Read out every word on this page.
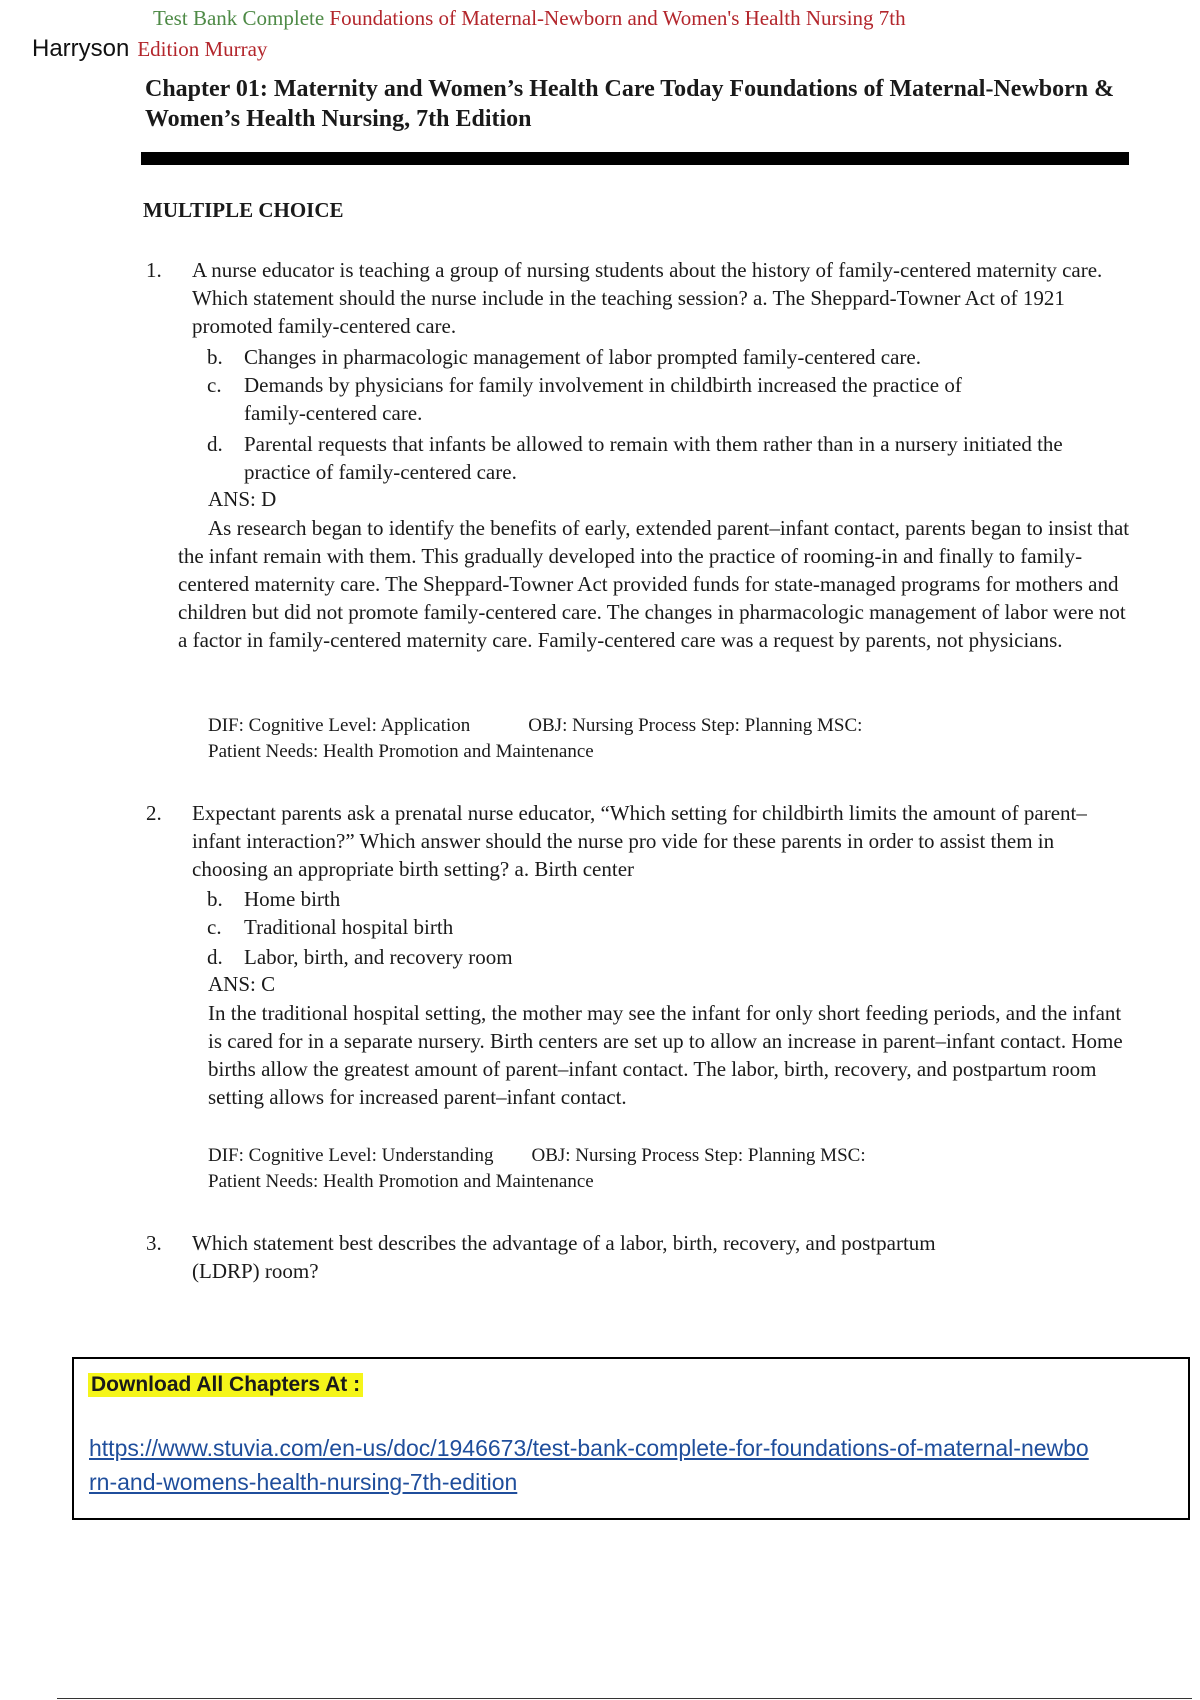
Test Bank Complete Foundations of Maternal-Newborn and Women's Health Nursing 7th
Harryson Edition Murray
Chapter 01: Maternity and Women’s Health Care Today Foundations of Maternal-Newborn & Women’s Health Nursing, 7th Edition
MULTIPLE CHOICE
1.	A nurse educator is teaching a group of nursing students about the history of family-centered maternity care. Which statement should the nurse include in the teaching session? a. The Sheppard-Towner Act of 1921 promoted family-centered care.
b.	Changes in pharmacologic management of labor prompted family-centered care.
c.	Demands by physicians for family involvement in childbirth increased the practice of family-centered care.
d.	Parental requests that infants be allowed to remain with them rather than in a nursery initiated the practice of family-centered care.
ANS: D
As research began to identify the benefits of early, extended parent–infant contact, parents began to insist that the infant remain with them. This gradually developed into the practice of rooming-in and finally to family-centered maternity care. The Sheppard-Towner Act provided funds for state-managed programs for mothers and children but did not promote family-centered care. The changes in pharmacologic management of labor were not a factor in family-centered maternity care. Family-centered care was a request by parents, not physicians.
DIF: Cognitive Level: Application	OBJ: Nursing Process Step: Planning MSC:
Patient Needs: Health Promotion and Maintenance
2.	Expectant parents ask a prenatal nurse educator, “Which setting for childbirth limits the amount of parent–infant interaction?” Which answer should the nurse pro vide for these parents in order to assist them in choosing an appropriate birth setting? a. Birth center
b.	Home birth
c.	Traditional hospital birth
d.	Labor, birth, and recovery room
ANS: C
In the traditional hospital setting, the mother may see the infant for only short feeding periods, and the infant is cared for in a separate nursery. Birth centers are set up to allow an increase in parent–infant contact. Home births allow the greatest amount of parent–infant contact. The labor, birth, recovery, and postpartum room setting allows for increased parent–infant contact.
DIF: Cognitive Level: Understanding OBJ: Nursing Process Step: Planning MSC:
Patient Needs: Health Promotion and Maintenance
3.	Which statement best describes the advantage of a labor, birth, recovery, and postpartum (LDRP) room?
Download All Chapters At :
https://www.stuvia.com/en-us/doc/1946673/test-bank-complete-for-foundations-of-maternal-newborn-and-womens-health-nursing-7th-edition
